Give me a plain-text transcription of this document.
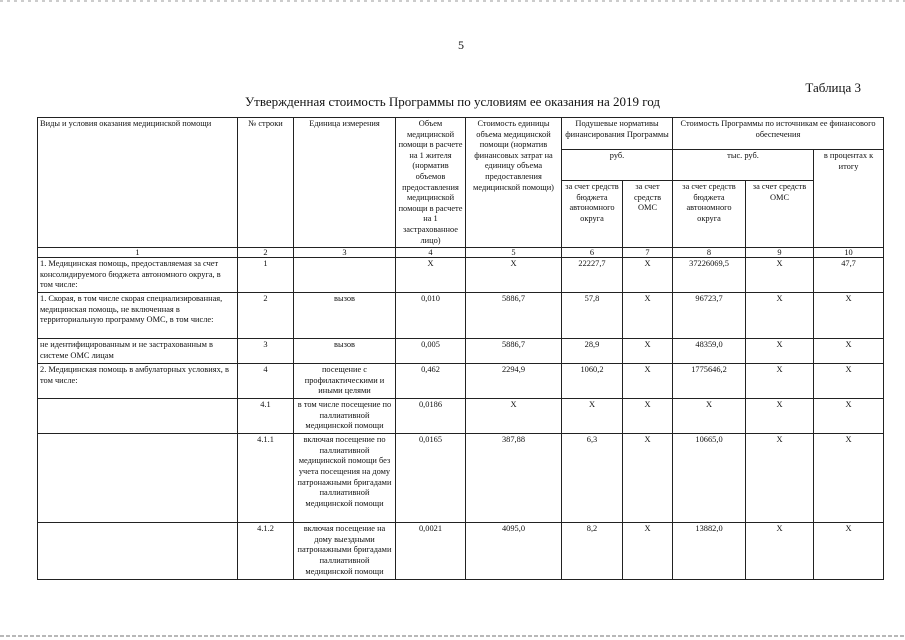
5
Таблица 3
Утвержденная стоимость Программы по условиям ее оказания на 2019 год
Виды и условия оказания медицинской помощи	№ строки	Единица измерения	Объем медицинской помощи в расчете на 1 жителя (норматив объемов предоставления медицинской помощи в расчете на 1 застрахованное лицо)	Стоимость единицы объема медицинской помощи (норматив финансовых затрат на единицу объема предоставления медицинской помощи)	Подушевые нормативы финансирования Программы		Стоимость Программы по источникам ее финансового обеспечения		
					руб.		тыс. руб.		в процентах к итогу
					за счет средств бюджета автономного округа	за счет средств ОМС	за счет средств бюджета автономного округа	за счет средств ОМС	
1	2	3	4	5	6	7	8	9	10
1. Медицинская помощь, предоставляемая за счет консолидируемого бюджета автономного округа, в том числе:	1		X	X	22227,7	X	37226069,5	X	47,7
1. Скорая, в том числе скорая специализированная, медицинская помощь, не включенная в территориальную программу ОМС, в том числе:	2	вызов	0,010	5886,7	57,8	X	96723,7	X	X
не идентифицированным и не застрахованным в системе ОМС лицам	3	вызов	0,005	5886,7	28,9	X	48359,0	X	X
2. Медицинская помощь в амбулаторных условиях, в том числе:	4	посещение с профилактическими и иными целями	0,462	2294,9	1060,2	X	1775646,2	X	X
	4.1	в том числе посещение по паллиативной медицинской помощи	0,0186	X	X	X	X	X	X
	4.1.1	включая посещение по паллиативной медицинской помощи без учета посещения на дому патронажными бригадами паллиативной медицинской помощи	0,0165	387,88	6,3	X	10665,0	X	X
	4.1.2	включая посещение на дому выездными патронажными бригадами паллиативной медицинской помощи	0,0021	4095,0	8,2	X	13882,0	X	X
